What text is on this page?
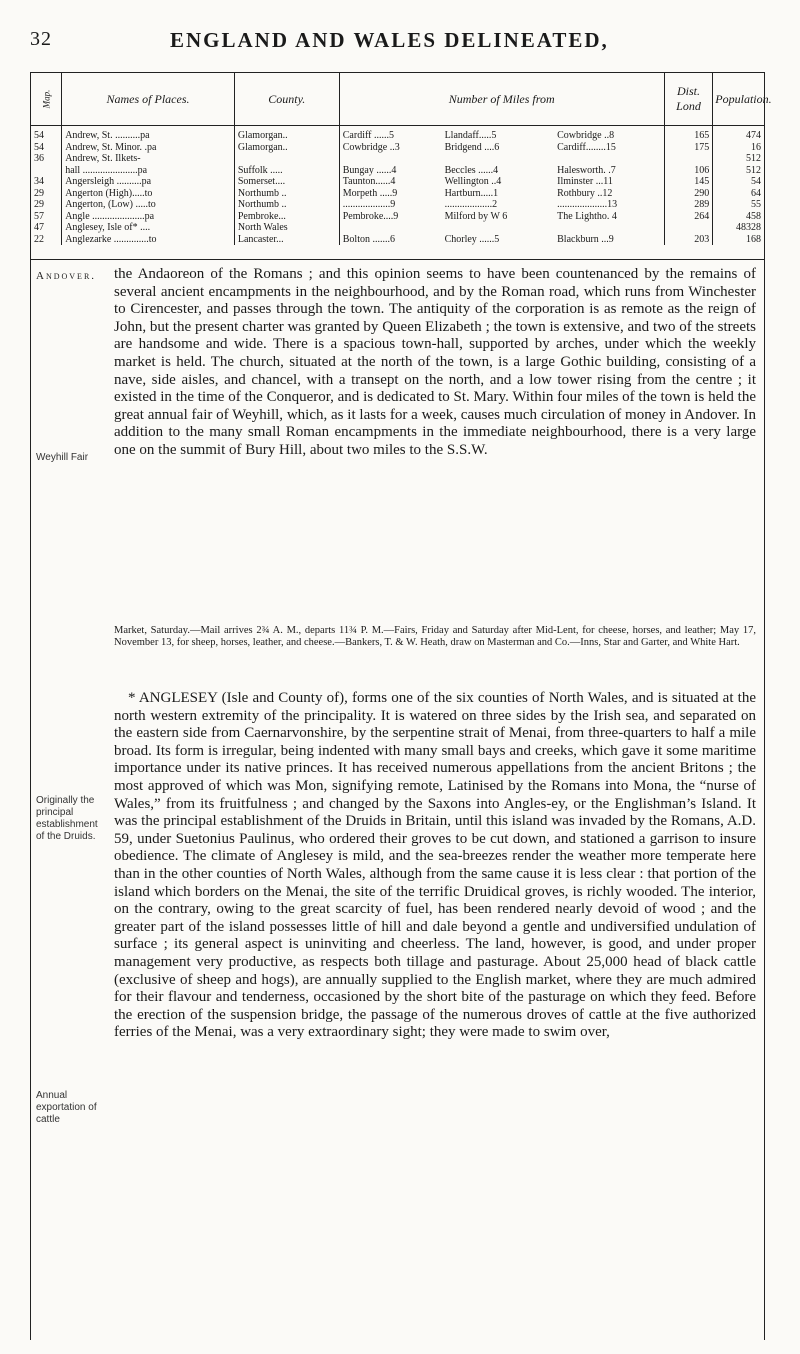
32	ENGLAND AND WALES DELINEATED,
Map.	Names of Places.	County.	Number of Miles from			Dist. Lond	Population.
54	Andrew, St. ..........pa	Glamorgan..	Cardiff ......5	Llandaff.....5	Cowbridge ..8	165	474
54	Andrew, St. Minor. .pa	Glamorgan..	Cowbridge ..3	Bridgend ....6	Cardiff........15	175	16
36	Andrew, St. Ilkets-						512
	hall ......................pa	Suffolk .....	Bungay ......4	Beccles ......4	Halesworth. .7	106	512
34	Angersleigh ..........pa	Somerset....	Taunton......4	Wellington ..4	Ilminster ...11	145	54
29	Angerton (High).....to	Northumb ..	Morpeth .....9	Hartburn.....1	Rothbury ..12	290	64
29	Angerton, (Low) .....to	Northumb ..	...................9	...................2	....................13	289	55
57	Angle .....................pa	Pembroke...	Pembroke....9	Milford by W 6	The Lightho. 4	264	458
47	Anglesey, Isle of* ....	North Wales					48328
22	Anglezarke ..............to	Lancaster...	Bolton .......6	Chorley ......5	Blackburn ...9	203	168
Andover.
Weyhill Fair

the Andaoreon of the Romans ; and this opinion seems to have been countenanced by the remains of several ancient encampments in the neighbourhood, and by the Roman road, which runs from Winchester to Cirencester, and passes through the town. The antiquity of the corporation is as remote as the reign of John, but the present charter was granted by Queen Elizabeth ; the town is extensive, and two of the streets are handsome and wide. There is a spacious town-hall, supported by arches, under which the weekly market is held. The church, situated at the north of the town, is a large Gothic building, consisting of a nave, side aisles, and chancel, with a transept on the north, and a low tower rising from the centre ; it existed in the time of the Conqueror, and is dedicated to St. Mary. Within four miles of the town is held the great annual fair of Weyhill, which, as it lasts for a week, causes much circulation of money in Andover. In addition to the many small Roman encampments in the immediate neighbourhood, there is a very large one on the summit of Bury Hill, about two miles to the S.S.W.

Market, Saturday.—Mail arrives 2¾ A. M., departs 11¾ P. M.—Fairs, Friday and Saturday after Mid-Lent, for cheese, horses, and leather; May 17, November 13, for sheep, horses, leather, and cheese.—Bankers, T. & W. Heath, draw on Masterman and Co.—Inns, Star and Garter, and White Hart.

Originally the principal establishment of the Druids.
Annual exportation of cattle

* ANGLESEY (Isle and County of), forms one of the six counties of North Wales, and is situated at the north western extremity of the principality. It is watered on three sides by the Irish sea, and separated on the eastern side from Caernarvonshire, by the serpentine strait of Menai, from three-quarters to half a mile broad. Its form is irregular, being indented with many small bays and creeks, which gave it some maritime importance under its native princes. It has received numerous appellations from the ancient Britons ; the most approved of which was Mon, signifying remote, Latinised by the Romans into Mona, the “nurse of Wales,” from its fruitfulness ; and changed by the Saxons into Angles-ey, or the Englishman’s Island. It was the principal establishment of the Druids in Britain, until this island was invaded by the Romans, A.D. 59, under Suetonius Paulinus, who ordered their groves to be cut down, and stationed a garrison to insure obedience. The climate of Anglesey is mild, and the sea-breezes render the weather more temperate here than in the other counties of North Wales, although from the same cause it is less clear : that portion of the island which borders on the Menai, the site of the terrific Druidical groves, is richly wooded. The interior, on the contrary, owing to the great scarcity of fuel, has been rendered nearly devoid of wood ; and the greater part of the island possesses little of hill and dale beyond a gentle and undiversified undulation of surface ; its general aspect is uninviting and cheerless. The land, however, is good, and under proper management very productive, as respects both tillage and pasturage. About 25,000 head of black cattle (exclusive of sheep and hogs), are annually supplied to the English market, where they are much admired for their flavour and tenderness, occasioned by the short bite of the pasturage on which they feed. Before the erection of the suspension bridge, the passage of the numerous droves of cattle at the five authorized ferries of the Menai, was a very extraordinary sight; they were made to swim over,
